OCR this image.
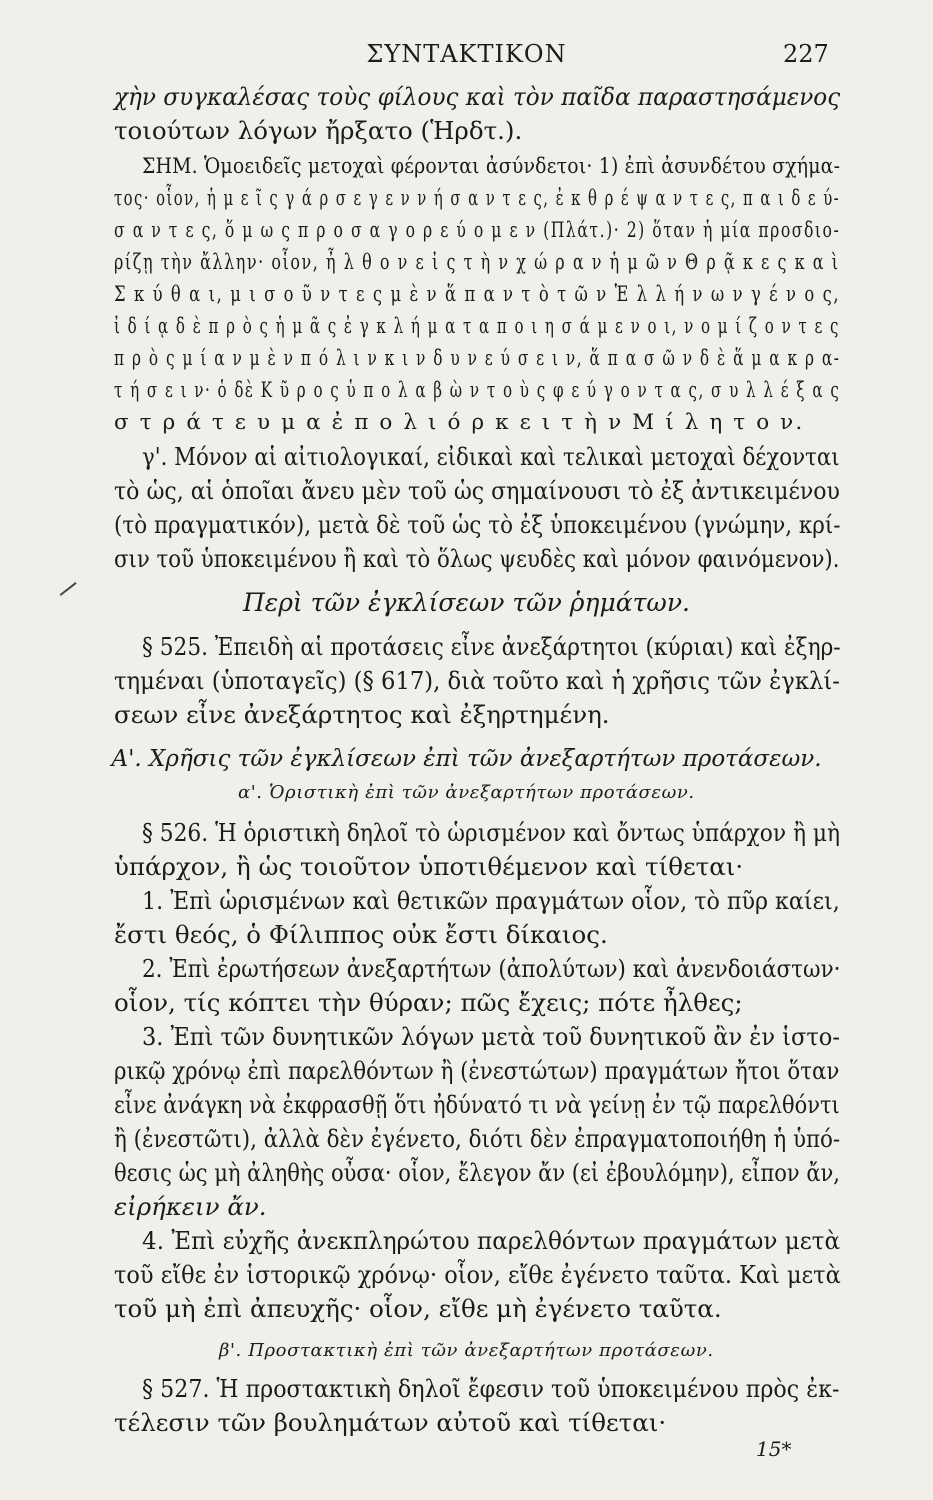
ΣΥΝΤΑΚΤΙΚΟΝ	227
χὴν συγκαλέσας τοὺς φίλους καὶ τὸν παῖδα παραστησάμενος
τοιούτων λόγων ἤρξατο (Ἡρδτ.).
ΣΗΜ. Ὁμοειδεῖς μετοχαὶ φέρονται ἀσύνδετοι· 1) ἐπὶ ἀσυνδέτου σχήμα-
τος· οἷον, ἡ μ ε ῖ ς γ ά ρ σ ε γ ε ν ν ή σ α ν τ ε ς, ἐ κ θ ρ έ ψ α ν τ ε ς, π α ι δ ε ύ-
σ α ν τ ε ς, ὅ μ ω ς π ρ ο σ α γ ο ρ ε ύ ο μ ε ν (Πλάτ.)· 2) ὅταν ἡ μία προσδιο-
ρίζῃ τὴν ἄλλην· οἷον, ἦ λ θ ο ν ε ἰ ς τ ὴ ν χ ώ ρ α ν ἡ μ ῶ ν Θ ρ ᾷ κ ε ς κ α ὶ
Σ κ ύ θ α ι, μ ι σ ο ῦ ν τ ε ς μ ὲ ν ἅ π α ν τ ὸ τ ῶ ν Ἑ λ λ ή ν ω ν γ έ ν ο ς,
ἰ δ ί ᾳ δ ὲ π ρ ὸ ς ἡ μ ᾶ ς ἐ γ κ λ ή μ α τ α π ο ι η σ ά μ ε ν ο ι, ν ο μ ί ζ ο ν τ ε ς
π ρ ὸ ς μ ί α ν μ ὲ ν π ό λ ι ν κ ι ν δ υ ν ε ύ σ ε ι ν, ἅ π α σ ῶ ν δ ὲ ἅ μ α κ ρ α-
τ ή σ ε ι ν· ὁ δὲ Κ ῦ ρ ο ς ὑ π ο λ α β ὼ ν τ ο ὺ ς φ ε ύ γ ο ν τ α ς, σ υ λ λ έ ξ α ς
σ τ ρ ά τ ε υ μ α ἐ π ο λ ι ό ρ κ ε ι τ ὴ ν Μ ί λ η τ ο ν.
γ'. Μόνον αἱ αἰτιολογικαί, εἰδικαὶ καὶ τελικαὶ μετοχαὶ δέχονται
τὸ ὡς, αἱ ὁποῖαι ἄνευ μὲν τοῦ ὡς σημαίνουσι τὸ ἐξ ἀντικειμένου
(τὸ πραγματικόν), μετὰ δὲ τοῦ ὡς τὸ ἐξ ὑποκειμένου (γνώμην, κρί-
σιν τοῦ ὑποκειμένου ἢ καὶ τὸ ὅλως ψευδὲς καὶ μόνον φαινόμενον).
Περὶ τῶν ἐγκλίσεων τῶν ῥημάτων.
§ 525. Ἐπειδὴ αἱ προτάσεις εἶνε ἀνεξάρτητοι (κύριαι) καὶ ἐξηρ-
τημέναι (ὑποταγεῖς) (§ 617), διὰ τοῦτο καὶ ἡ χρῆσις τῶν ἐγκλί-
σεων εἶνε ἀνεξάρτητος καὶ ἐξηρτημένη.
Α'. Χρῆσις τῶν ἐγκλίσεων ἐπὶ τῶν ἀνεξαρτήτων προτάσεων.
α'. Ὁριστικὴ ἐπὶ τῶν ἀνεξαρτήτων προτάσεων.
§ 526. Ἡ ὁριστικὴ δηλοῖ τὸ ὡρισμένον καὶ ὄντως ὑπάρχον ἢ μὴ
ὑπάρχον, ἢ ὡς τοιοῦτον ὑποτιθέμενον καὶ τίθεται·
1. Ἐπὶ ὡρισμένων καὶ θετικῶν πραγμάτων οἷον, τὸ πῦρ καίει,
ἔστι θεός, ὁ Φίλιππος οὐκ ἔστι δίκαιος.
2. Ἐπὶ ἐρωτήσεων ἀνεξαρτήτων (ἀπολύτων) καὶ ἀνενδοιάστων·
οἷον, τίς κόπτει τὴν θύραν; πῶς ἔχεις; πότε ἦλθες;
3. Ἐπὶ τῶν δυνητικῶν λόγων μετὰ τοῦ δυνητικοῦ ἂν ἐν ἱστο-
ρικῷ χρόνῳ ἐπὶ παρελθόντων ἢ (ἐνεστώτων) πραγμάτων ἤτοι ὅταν
εἶνε ἀνάγκη νὰ ἐκφρασθῇ ὅτι ἠδύνατό τι νὰ γείνῃ ἐν τῷ παρελθόντι
ἢ (ἐνεστῶτι), ἀλλὰ δὲν ἐγένετο, διότι δὲν ἐπραγματοποιήθη ἡ ὑπό-
θεσις ὡς μὴ ἀληθὴς οὖσα· οἷον, ἔλεγον ἄν (εἰ ἐβουλόμην), εἶπον ἄν,
εἰρήκειν ἄν.
4. Ἐπὶ εὐχῆς ἀνεκπληρώτου παρελθόντων πραγμάτων μετὰ
τοῦ εἴθε ἐν ἱστορικῷ χρόνῳ· οἷον, εἴθε ἐγένετο ταῦτα. Καὶ μετὰ
τοῦ μὴ ἐπὶ ἀπευχῆς· οἷον, εἴθε μὴ ἐγένετο ταῦτα.
β'. Προστακτικὴ ἐπὶ τῶν ἀνεξαρτήτων προτάσεων.
§ 527. Ἡ προστακτικὴ δηλοῖ ἔφεσιν τοῦ ὑποκειμένου πρὸς ἐκ-
τέλεσιν τῶν βουλημάτων αὐτοῦ καὶ τίθεται·
15*
